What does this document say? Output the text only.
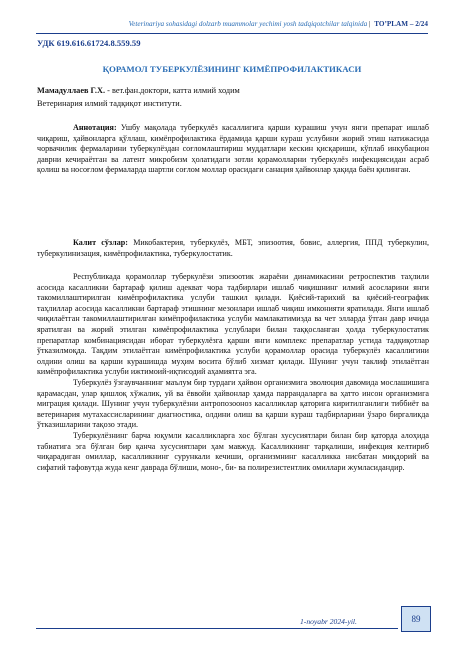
Veterinariya sohasidagi dolzarb muammolar yechimi yosh tadqiqotchilar talqinida | TO’PLAM – 2/24
УДК 619.616.61724.8.559.59
ҚОРАМОЛ ТУБЕРКУЛЁЗИНИНГ КИМЁПРОФИЛАКТИКАСИ
Мамадуллаев Г.Х. - вет.фан.доктори, катта илмий ходим
Ветеринария илмий тадқиқот институти.

Аннотация: Ушбу мақолада туберкулёз касаллигига қарши курашиш учун янги препарат ишлаб чиқариш, ҳайвонларга қўллаш, кимёпрофилактика ёрдамида қарши кураш услубини жорий этиш натижасида чорвачилик фермаларини туберкулёздан соғломлаштириш муддатлари кескин қисқариши, кўплаб инкубацион даврни кечираётган ва латент микробизм ҳолатидаги зотли қорамолларни туберкулёз инфекциясидан асраб қолиш ва носоғлом фермаларда шартли соғлом моллар орасидаги санация ҳайвонлар ҳақида баён қилинган.

Калит сўзлар: Микобактерия, туберкулёз, МБТ, эпизоотия, бовис, аллергия, ППД туберкулин, туберкулинизация, кимёпрофилактика, туберкулостатик.

Республикада қорамоллар туберкулёзи эпизоотик жараёни динамикасини ретроспектив таҳлили асосида касалликни бартараф қилиш адекват чора тадбирлари ишлаб чиқишнинг илмий асосларини янги такомиллаштирилган кимёпрофилактика услуби ташкил қилади. Қиёсий-тарихий ва қиёсий-географик таҳлиллар асосида касалликни бартараф этишнинг мезонлари ишлаб чиқиш имконияти яратилади. Янги ишлаб чиқилаётган такомиллаштирилган кимёпрофилактика услуби мамлакатимизда ва чет элларда ўтган давр ичида яратилган ва жорий этилган кимёпрофилактика услублари билан таққосланган ҳолда туберкулостатик препаратлар комбинациясидан иборат туберкулёзга қарши янги комплекс препаратлар устида тадқиқотлар ўтказилмоқда. Тақдим этилаётган кимёпрофилактика услуби қорамоллар орасида туберкулёз касаллигини олдини олиш ва қарши курашишда муҳим восита бўлиб хизмат қилади. Шунинг учун таклиф этилаётган кимёпрофилактика услуби ижтимоий-иқтисодий аҳамиятга эга.

Туберкулёз ўзгаувчаннинг маълум бир турдаги ҳайвон организмига эволюция давомида мослашишига қарамасдан, улар қишлоқ хўжалик, уй ва ёввойи ҳайвонлар ҳамда паррандаларга ва ҳатто инсон организмига миграция қилади. Шунинг учун туберкулёзни антропозооноз касалликлар қаторига киритилганлиги тиббиёт ва ветеринария мутахассисларининг диагностика, олдини олиш ва қарши кураш тадбирларини ўзаро биргаликда ўтказишларини тақозо этади.

Туберкулёзнинг барча юқумли касалликларга хос бўлган хусусиятлари билан бир қаторда алоҳида табиатига эга бўлган бир қанча хусусиятлари ҳам мавжуд. Касалликнинг тарқалиши, инфекция келтириб чиқарадиган омиллар, касалликнинг сурункали кечиши, организмнинг касалликка нисбатан миқдорий ва сифатий тафовутда жуда кенг даврада бўлиши, моно-, би- ва полирезистентлик омиллари жумласидандир.

1-noyabr 2024-yil.	89
